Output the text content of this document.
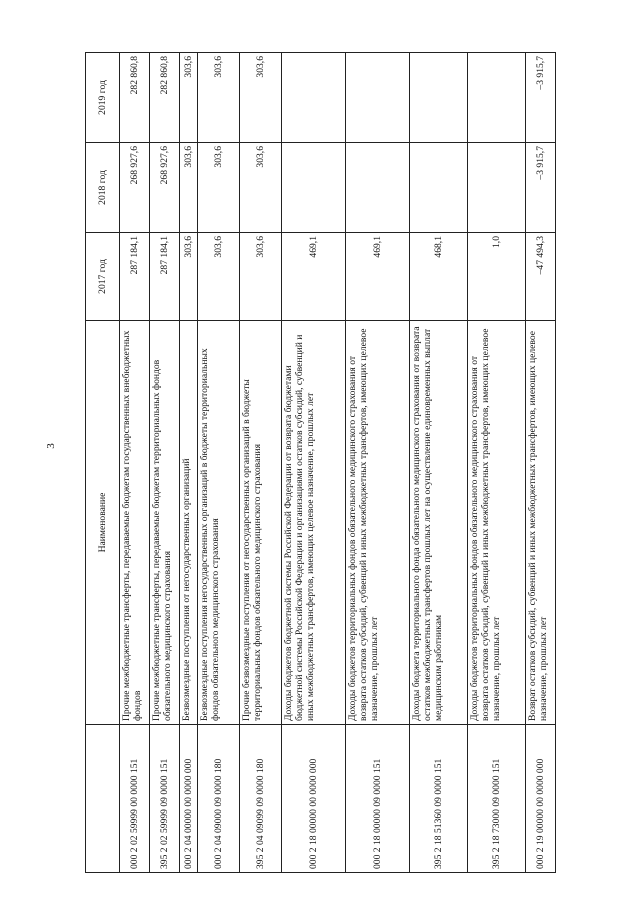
3
	Наименование	2017 год	2018 год	2019 год
000 2 02 59999 00 0000 151	Прочие межбюджетные трансферты, передаваемые бюджетам государственных внебюджетных фондов	287 184,1	268 927,6	282 860,8
395 2 02 59999 09 0000 151	Прочие межбюджетные трансферты, передаваемые бюджетам территориальных фондов обязательного медицинского страхования	287 184,1	268 927,6	282 860,8
000 2 04 00000 00 0000 000	Безвозмездные поступления от негосударственных организаций	303,6	303,6	303,6
000 2 04 09000 09 0000 180	Безвозмездные поступления негосударственных организаций в бюджеты территориальных фондов обязательного медицинского страхования	303,6	303,6	303,6
395 2 04 09099 09 0000 180	Прочие безвозмездные поступления от негосударственных организаций в бюджеты территориальных фондов обязательного медицинского страхования	303,6	303,6	303,6
000 2 18 00000 00 0000 000	Доходы бюджетов бюджетной системы Российской Федерации от возврата бюджетами бюджетной системы Российской Федерации и организациями остатков субсидий, субвенций и иных межбюджетных трансфертов, имеющих целевое назначение, прошлых лет	469,1		
000 2 18 00000 09 0000 151	Доходы бюджетов территориальных фондов обязательного медицинского страхования от возврата остатков субсидий, субвенций и иных межбюджетных трансфертов, имеющих целевое назначение, прошлых лет	469,1		
395 2 18 51360 09 0000 151	Доходы бюджета территориального фонда обязательного медицинского страхования от возврата остатков межбюджетных трансфертов прошлых лет на осуществление единовременных выплат медицинским работникам	468,1		
395 2 18 73000 09 0000 151	Доходы бюджетов территориальных фондов обязательного медицинского страхования от возврата остатков субсидий, субвенций и иных межбюджетных трансфертов, имеющих целевое назначение, прошлых лет	1,0		
000 2 19 00000 00 0000 000	Возврат остатков субсидий, субвенций и иных межбюджетных трансфертов, имеющих целевое назначение, прошлых лет	–47 494,3	–3 915,7	–3 915,7
